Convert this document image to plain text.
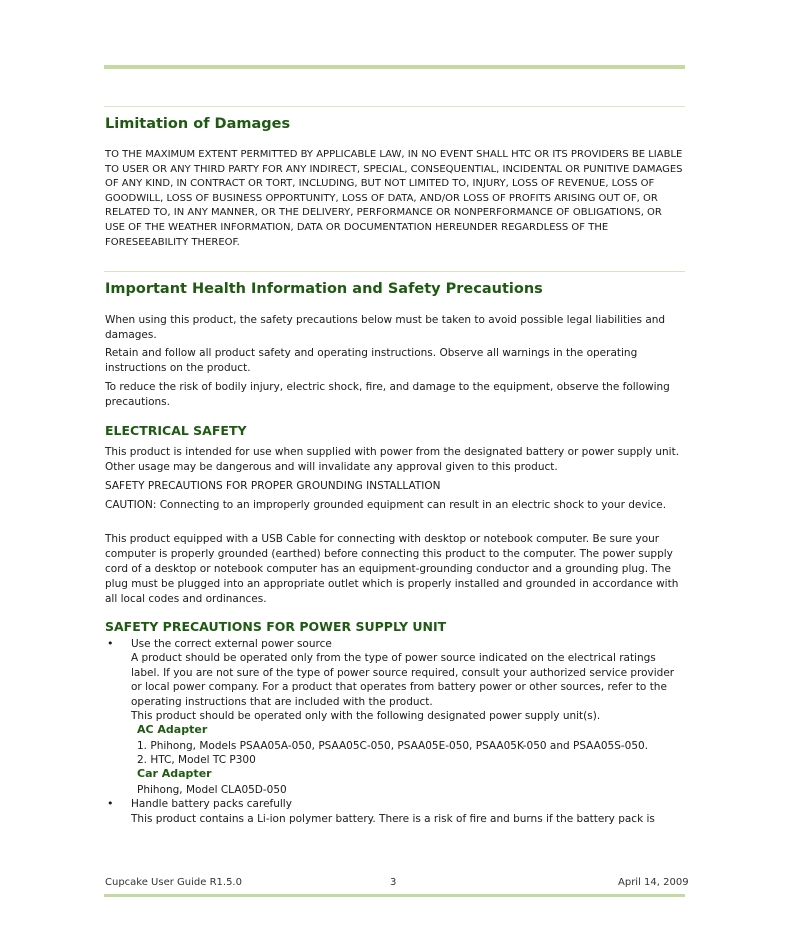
Limitation of Damages

TO THE MAXIMUM EXTENT PERMITTED BY APPLICABLE LAW, IN NO EVENT SHALL HTC OR ITS PROVIDERS BE LIABLE TO USER OR ANY THIRD PARTY FOR ANY INDIRECT, SPECIAL, CONSEQUENTIAL, INCIDENTAL OR PUNITIVE DAMAGES OF ANY KIND, IN CONTRACT OR TORT, INCLUDING, BUT NOT LIMITED TO, INJURY, LOSS OF REVENUE, LOSS OF GOODWILL, LOSS OF BUSINESS OPPORTUNITY, LOSS OF DATA, AND/OR LOSS OF PROFITS ARISING OUT OF, OR RELATED TO, IN ANY MANNER, OR THE DELIVERY, PERFORMANCE OR NONPERFORMANCE OF OBLIGATIONS, OR USE OF THE WEATHER INFORMATION, DATA OR DOCUMENTATION HEREUNDER REGARDLESS OF THE FORESEEABILITY THEREOF.

Important Health Information and Safety Precautions

When using this product, the safety precautions below must be taken to avoid possible legal liabilities and damages.

Retain and follow all product safety and operating instructions. Observe all warnings in the operating instructions on the product.

To reduce the risk of bodily injury, electric shock, fire, and damage to the equipment, observe the following precautions.

ELECTRICAL SAFETY

This product is intended for use when supplied with power from the designated battery or power supply unit. Other usage may be dangerous and will invalidate any approval given to this product.

SAFETY PRECAUTIONS FOR PROPER GROUNDING INSTALLATION

CAUTION: Connecting to an improperly grounded equipment can result in an electric shock to your device.

This product equipped with a USB Cable for connecting with desktop or notebook computer. Be sure your computer is properly grounded (earthed) before connecting this product to the computer. The power supply cord of a desktop or notebook computer has an equipment-grounding conductor and a grounding plug. The plug must be plugged into an appropriate outlet which is properly installed and grounded in accordance with all local codes and ordinances.

SAFETY PRECAUTIONS FOR POWER SUPPLY UNIT
• Use the correct external power source

A product should be operated only from the type of power source indicated on the electrical ratings label. If you are not sure of the type of power source required, consult your authorized service provider or local power company. For a product that operates from battery power or other sources, refer to the operating instructions that are included with the product.

This product should be operated only with the following designated power supply unit(s).

AC Adapter
1. Phihong, Models PSAA05A-050, PSAA05C-050, PSAA05E-050, PSAA05K-050 and PSAA05S-050.
2. HTC, Model TC P300
Car Adapter
Phihong, Model CLA05D-050
• Handle battery packs carefully
This product contains a Li-ion polymer battery. There is a risk of fire and burns if the battery pack is
Cupcake User Guide R1.5.0	3	April 14, 2009
